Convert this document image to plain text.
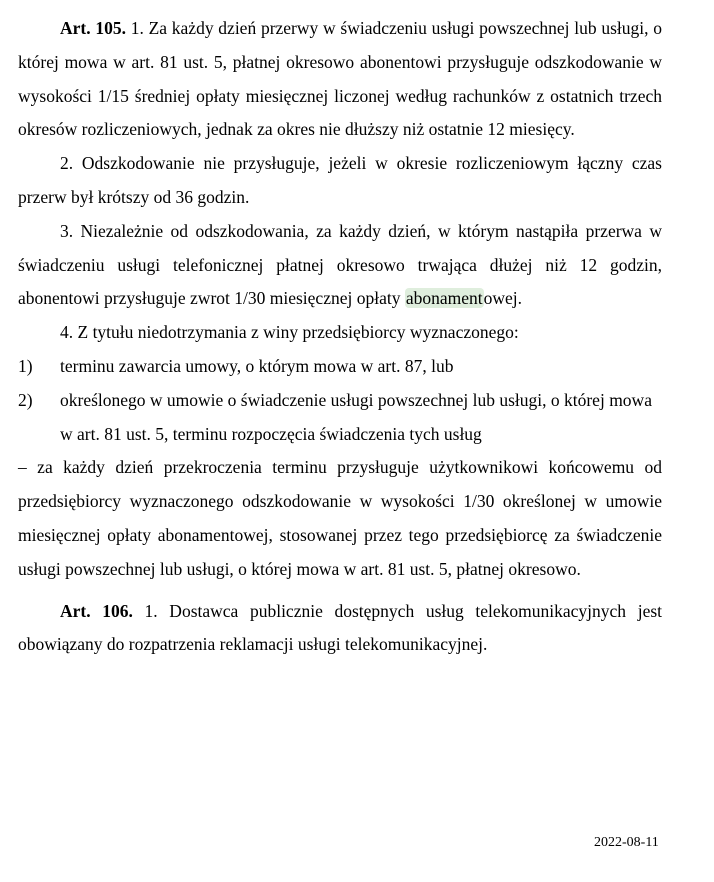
Art. 105. 1. Za każdy dzień przerwy w świadczeniu usługi powszechnej lub usługi, o której mowa w art. 81 ust. 5, płatnej okresowo abonentowi przysługuje odszkodowanie w wysokości 1/15 średniej opłaty miesięcznej liczonej według rachunków z ostatnich trzech okresów rozliczeniowych, jednak za okres nie dłuższy niż ostatnie 12 miesięcy.

2. Odszkodowanie nie przysługuje, jeżeli w okresie rozliczeniowym łączny czas przerw był krótszy od 36 godzin.

3. Niezależnie od odszkodowania, za każdy dzień, w którym nastąpiła przerwa w świadczeniu usługi telefonicznej płatnej okresowo trwająca dłużej niż 12 godzin, abonentowi przysługuje zwrot 1/30 miesięcznej opłaty abonamentowej.

4. Z tytułu niedotrzymania z winy przedsiębiorcy wyznaczonego:

1) terminu zawarcia umowy, o którym mowa w art. 87, lub
2) określonego w umowie o świadczenie usługi powszechnej lub usługi, o której mowa w art. 81 ust. 5, terminu rozpoczęcia świadczenia tych usług

– za każdy dzień przekroczenia terminu przysługuje użytkownikowi końcowemu od przedsiębiorcy wyznaczonego odszkodowanie w wysokości 1/30 określonej w umowie miesięcznej opłaty abonamentowej, stosowanej przez tego przedsiębiorcę za świadczenie usługi powszechnej lub usługi, o której mowa w art. 81 ust. 5, płatnej okresowo.

Art. 106. 1. Dostawca publicznie dostępnych usług telekomunikacyjnych jest obowiązany do rozpatrzenia reklamacji usługi telekomunikacyjnej.

2022-08-11
